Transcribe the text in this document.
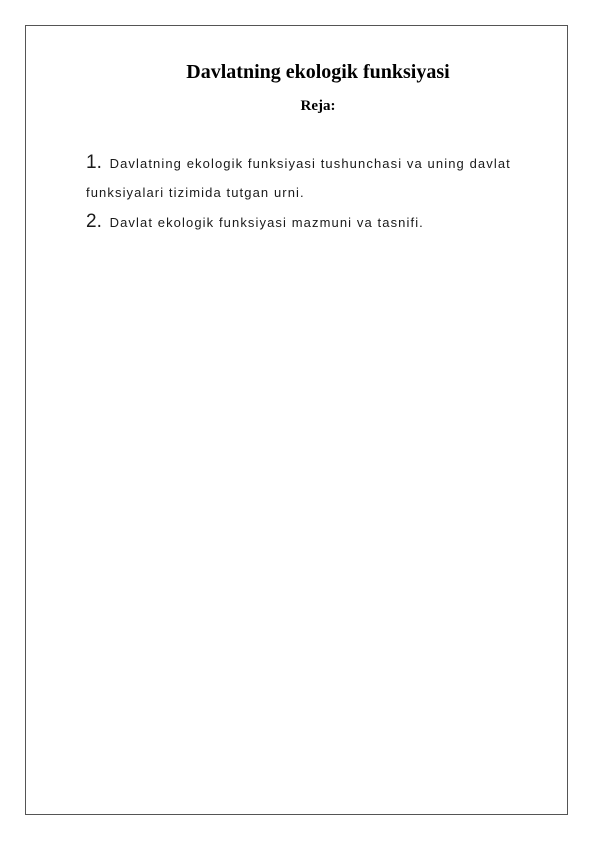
Davlatning ekologik funksiyasi
Reja:
1. Davlatning ekologik funksiyasi tushunchasi va uning davlat funksiyalari tizimida tutgan urni.
2. Davlat ekologik funksiyasi mazmuni va tasnifi.
